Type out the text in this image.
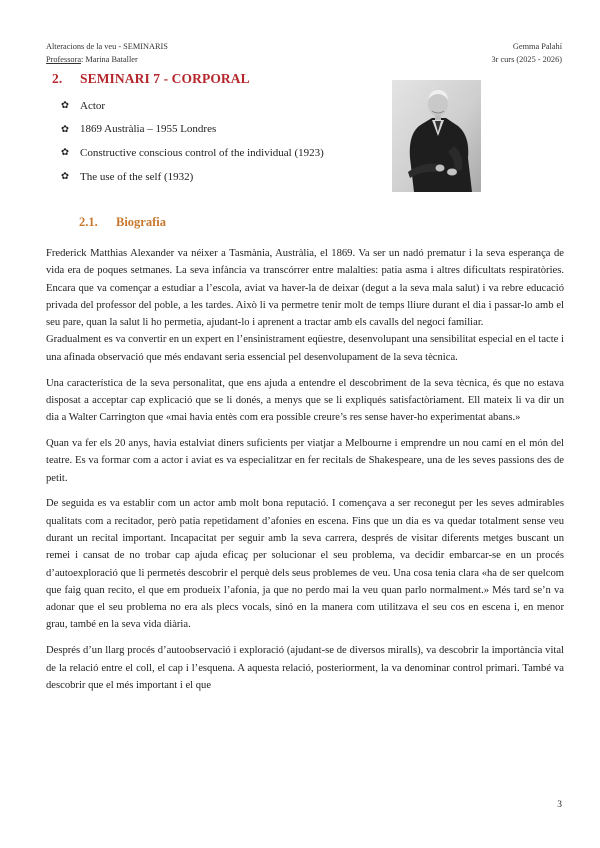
Alteracions de la veu - SEMINARIS
Professora: Marina Bataller
Gemma Palahí
3r curs (2025 - 2026)
2. SEMINARI 7 - CORPORAL
✿	Actor
✿	1869 Austràlia – 1955 Londres
✿	Constructive conscious control of the individual (1923)
✿	The use of the self (1932)
2.1. Biografia

Frederick Matthias Alexander va néixer a Tasmània, Austràlia, el 1869. Va ser un nadó prematur i la seva esperança de vida era de poques setmanes. La seva infància va transcórrer entre malalties: patia asma i altres dificultats respiratòries. Encara que va començar a estudiar a l’escola, aviat va haver-la de deixar (degut a la seva mala salut) i va rebre educació privada del professor del poble, a les tardes. Això li va permetre tenir molt de temps lliure durant el dia i passar-lo amb el seu pare, quan la salut li ho permetia, ajudant-lo i aprenent a tractar amb els cavalls del negoci familiar.

Gradualment es va convertir en un expert en l’ensinistrament eqüestre, desenvolupant una sensibilitat especial en el tacte i una afinada observació que més endavant seria essencial pel desenvolupament de la seva tècnica.

Una característica de la seva personalitat, que ens ajuda a entendre el descobriment de la seva tècnica, és que no estava disposat a acceptar cap explicació que se li donés, a menys que se li expliqués satisfactòriament. Ell mateix li va dir un dia a Walter Carrington que «mai havia entès com era possible creure’s res sense haver-ho experimentat abans.»

Quan va fer els 20 anys, havia estalviat diners suficients per viatjar a Melbourne i emprendre un nou camí en el món del teatre. Es va formar com a actor i aviat es va especialitzar en fer recitals de Shakespeare, una de les seves passions des de petit.

De seguida es va establir com un actor amb molt bona reputació. I començava a ser reconegut per les seves admirables qualitats com a recitador, però patia repetidament d’afonies en escena. Fins que un dia es va quedar totalment sense veu durant un recital important. Incapacitat per seguir amb la seva carrera, després de visitar diferents metges buscant un remei i cansat de no trobar cap ajuda eficaç per solucionar el seu problema, va decidir embarcar-se en un procés d’autoexploració que li permetés descobrir el perquè dels seus problemes de veu. Una cosa tenia clara «ha de ser quelcom que faig quan recito, el que em produeix l’afonia, ja que no perdo mai la veu quan parlo normalment.» Més tard se’n va adonar que el seu problema no era als plecs vocals, sinó en la manera com utilitzava el seu cos en escena i, en menor grau, també en la seva vida diària.

Després d’un llarg procés d’autoobservació i exploració (ajudant-se de diversos miralls), va descobrir la importància vital de la relació entre el coll, el cap i l’esquena. A aquesta relació, posteriorment, la va denominar control primari. També va descobrir que el més important i el que

3
